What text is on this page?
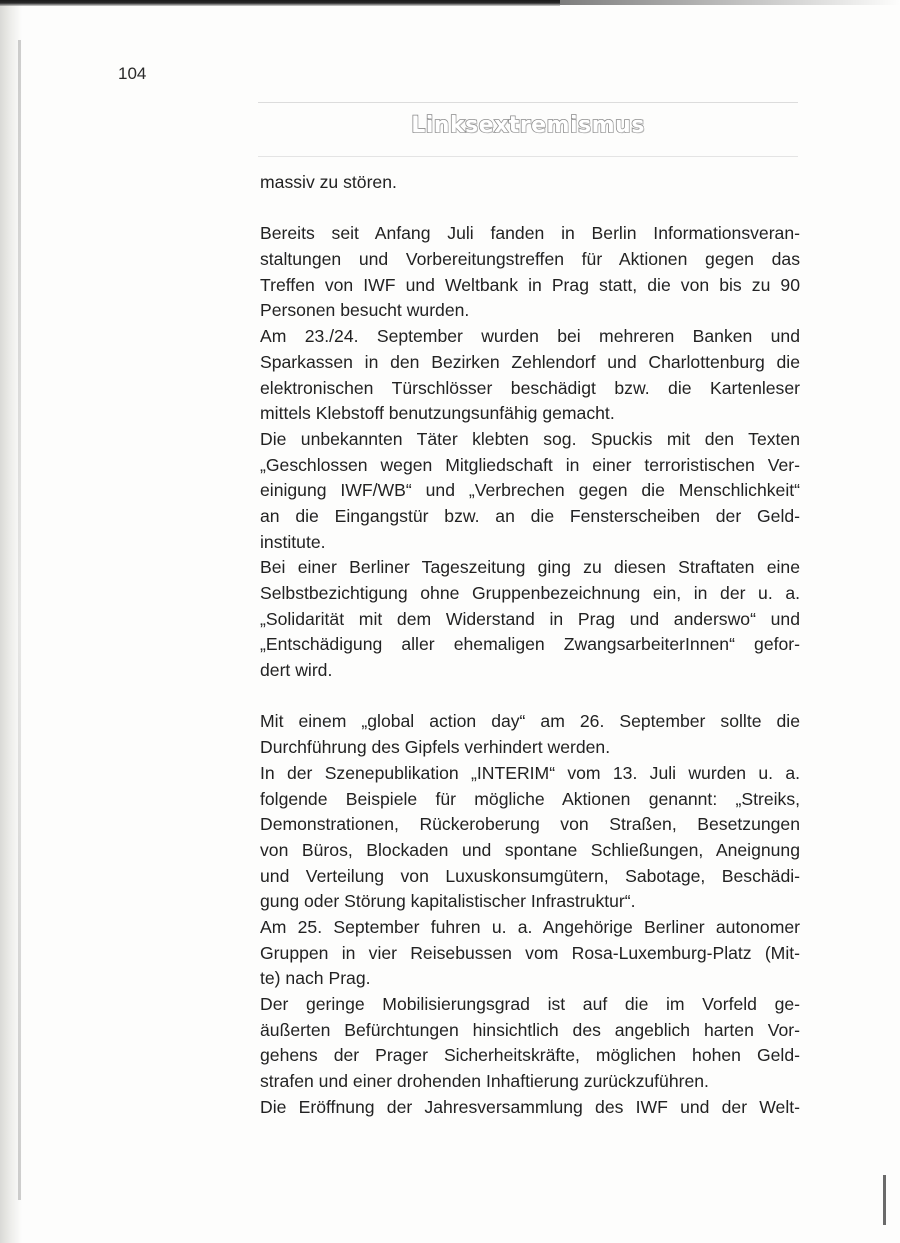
104
Linksextremismus
massiv zu stören.
Bereits seit Anfang Juli fanden in Berlin Informationsveran-
staltungen und Vorbereitungstreffen für Aktionen gegen das
Treffen von IWF und Weltbank in Prag statt, die von bis zu 90
Personen besucht wurden.
Am 23./24. September wurden bei mehreren Banken und
Sparkassen in den Bezirken Zehlendorf und Charlottenburg die
elektronischen Türschlösser beschädigt bzw. die Kartenleser
mittels Klebstoff benutzungsunfähig gemacht.
Die unbekannten Täter klebten sog. Spuckis mit den Texten
„Geschlossen wegen Mitgliedschaft in einer terroristischen Ver-
einigung IWF/WB“ und „Verbrechen gegen die Menschlichkeit“
an die Eingangstür bzw. an die Fensterscheiben der Geld-
institute.
Bei einer Berliner Tageszeitung ging zu diesen Straftaten eine
Selbstbezichtigung ohne Gruppenbezeichnung ein, in der u. a.
„Solidarität mit dem Widerstand in Prag und anderswo“ und
„Entschädigung aller ehemaligen ZwangsarbeiterInnen“ gefor-
dert wird.
Mit einem „global action day“ am 26. September sollte die
Durchführung des Gipfels verhindert werden.
In der Szenepublikation „INTERIM“ vom 13. Juli wurden u. a.
folgende Beispiele für mögliche Aktionen genannt: „Streiks,
Demonstrationen, Rückeroberung von Straßen, Besetzungen
von Büros, Blockaden und spontane Schließungen, Aneignung
und Verteilung von Luxuskonsumgütern, Sabotage, Beschädi-
gung oder Störung kapitalistischer Infrastruktur“.
Am 25. September fuhren u. a. Angehörige Berliner autonomer
Gruppen in vier Reisebussen vom Rosa-Luxemburg-Platz (Mit-
te) nach Prag.
Der geringe Mobilisierungsgrad ist auf die im Vorfeld ge-
äußerten Befürchtungen hinsichtlich des angeblich harten Vor-
gehens der Prager Sicherheitskräfte, möglichen hohen Geld-
strafen und einer drohenden Inhaftierung zurückzuführen.
Die Eröffnung der Jahresversammlung des IWF und der Welt-
